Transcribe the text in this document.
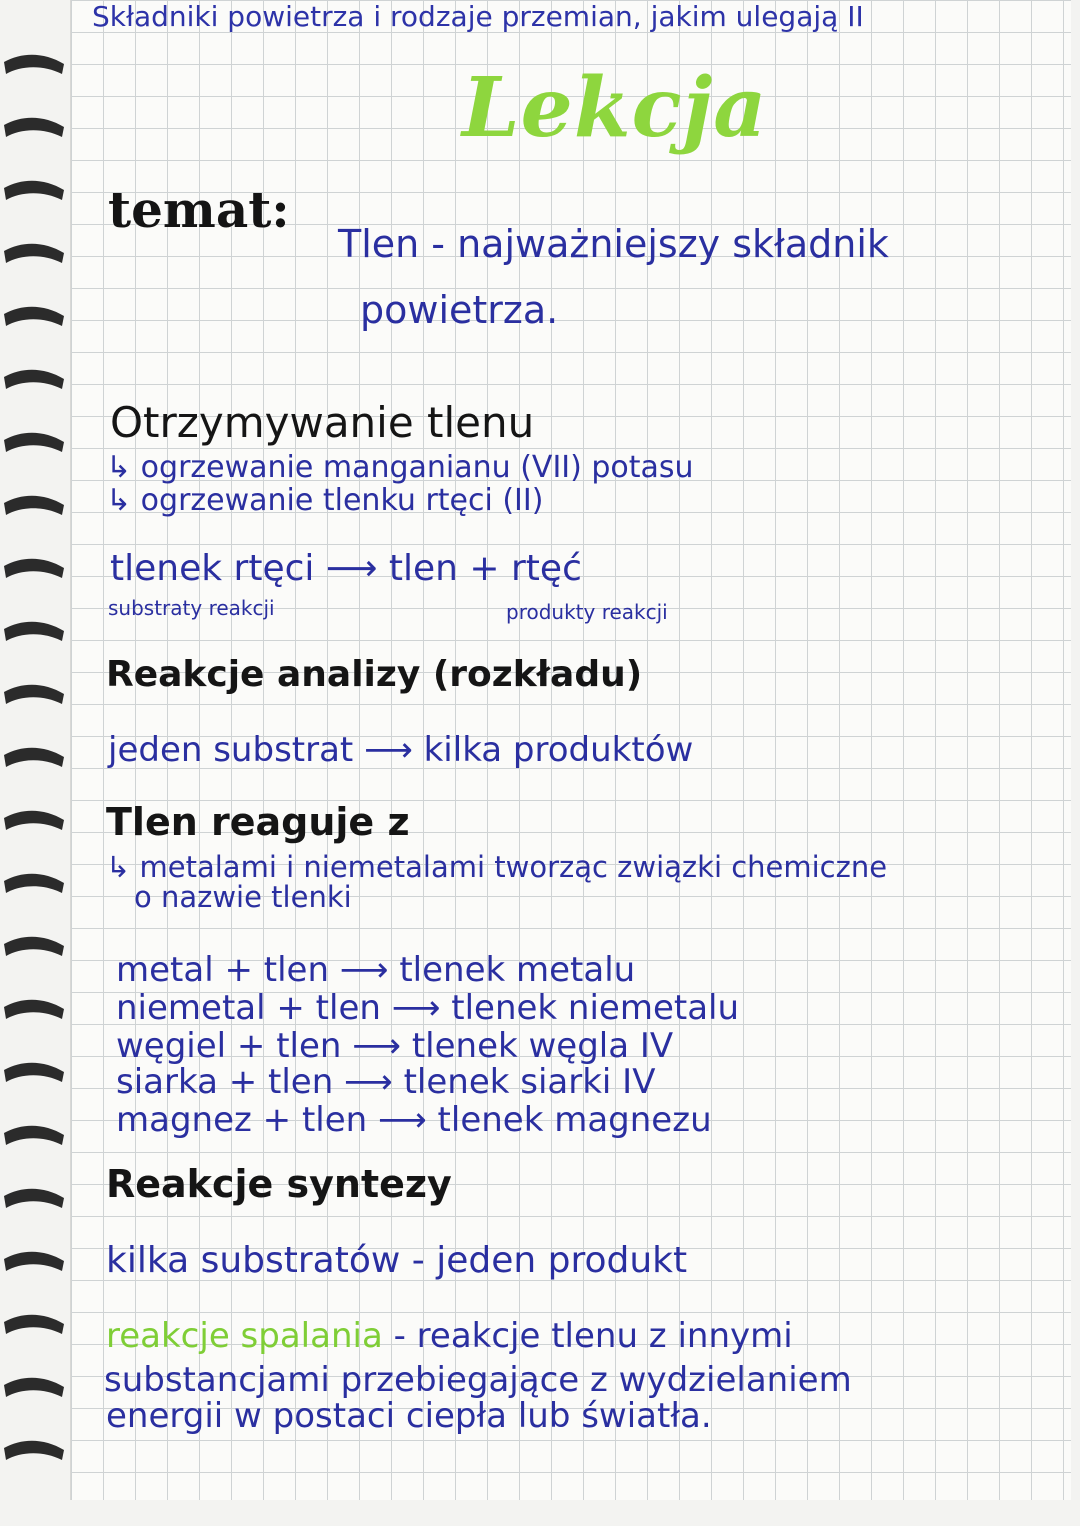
Składniki powietrza i rodzaje przemian, jakim ulegają II
Lekcja
temat:
Tlen - najważniejszy składnik
powietrza.
Otrzymywanie tlenu
↳ ogrzewanie manganianu (VII) potasu
↳ ogrzewanie tlenku rtęci (II)
tlenek rtęci ⟶ tlen + rtęć
substraty reakcji	produkty reakcji
Reakcje analizy (rozkładu)
jeden substrat ⟶ kilka produktów
Tlen reaguje z
↳ metalami i niemetalami tworząc związki chemiczne
o nazwie tlenki
metal + tlen ⟶ tlenek metalu
niemetal + tlen ⟶ tlenek niemetalu
węgiel + tlen ⟶ tlenek węgla IV
siarka + tlen ⟶ tlenek siarki IV
magnez + tlen ⟶ tlenek magnezu
Reakcje syntezy
kilka substratów - jeden produkt
reakcje spalania - reakcje tlenu z innymi
substancjami przebiegające z wydzielaniem
energii w postaci ciepła lub światła.
